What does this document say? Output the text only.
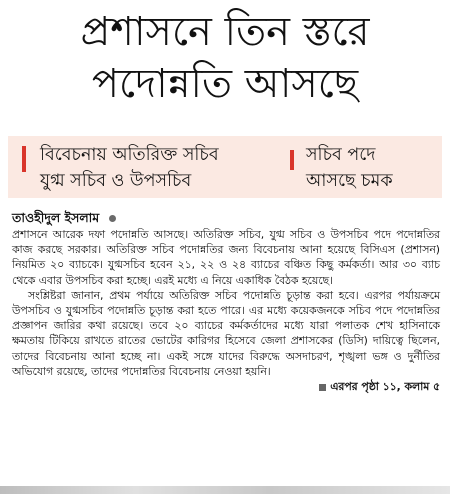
প্রশাসনে তিন স্তরে
পদোন্নতি আসছে
বিবেচনায় অতিরিক্ত সচিব
যুগ্ম সচিব ও উপসচিব
সচিব পদে
আসছে চমক
তাওহীদুল ইসলাম

প্রশাসনে আরেক দফা পদোন্নতি আসছে। অতিরিক্ত সচিব, যুগ্ম সচিব ও উপসচিব পদে পদোন্নতির কাজ করছে সরকার। অতিরিক্ত সচিব পদোন্নতির জন্য বিবেচনায় আনা হয়েছে বিসিএস (প্রশাসন) নিয়মিত ২০ ব্যাচকে। যুগ্মসচিব হবেন ২১, ২২ ও ২৪ ব্যাচের বঞ্চিত কিছু কর্মকর্তা। আর ৩০ ব্যাচ থেকে এবার উপসচিব করা হচ্ছে। এরই মধ্যে এ নিয়ে একাধিক বৈঠক হয়েছে।

সংশ্লিষ্টরা জানান, প্রথম পর্যায়ে অতিরিক্ত সচিব পদোন্নতি চূড়ান্ত করা হবে। এরপর পর্যায়ক্রমে উপসচিব ও যুগ্মসচিব পদোন্নতি চূড়ান্ত করা হতে পারে। এর মধ্যে কয়েকজনকে সচিব পদে পদোন্নতির প্রজ্ঞাপন জারির কথা রয়েছে। তবে ২০ ব্যাচের কর্মকর্তাদের মধ্যে যারা পলাতক শেখ হাসিনাকে ক্ষমতায় টিকিয়ে রাখতে রাতের ভোটের কারিগর হিসেবে জেলা প্রশাসকের (ডিসি) দায়িত্বে ছিলেন, তাদের বিবেচনায় আনা হচ্ছে না। একই সঙ্গে যাদের বিরুদ্ধে অসদাচরণ, শৃঙ্খলা ভঙ্গ ও দুর্নীতির অভিযোগ রয়েছে, তাদের পদোন্নতির বিবেচনায় নেওয়া হয়নি।

এরপর পৃষ্ঠা ১১, কলাম ৫
